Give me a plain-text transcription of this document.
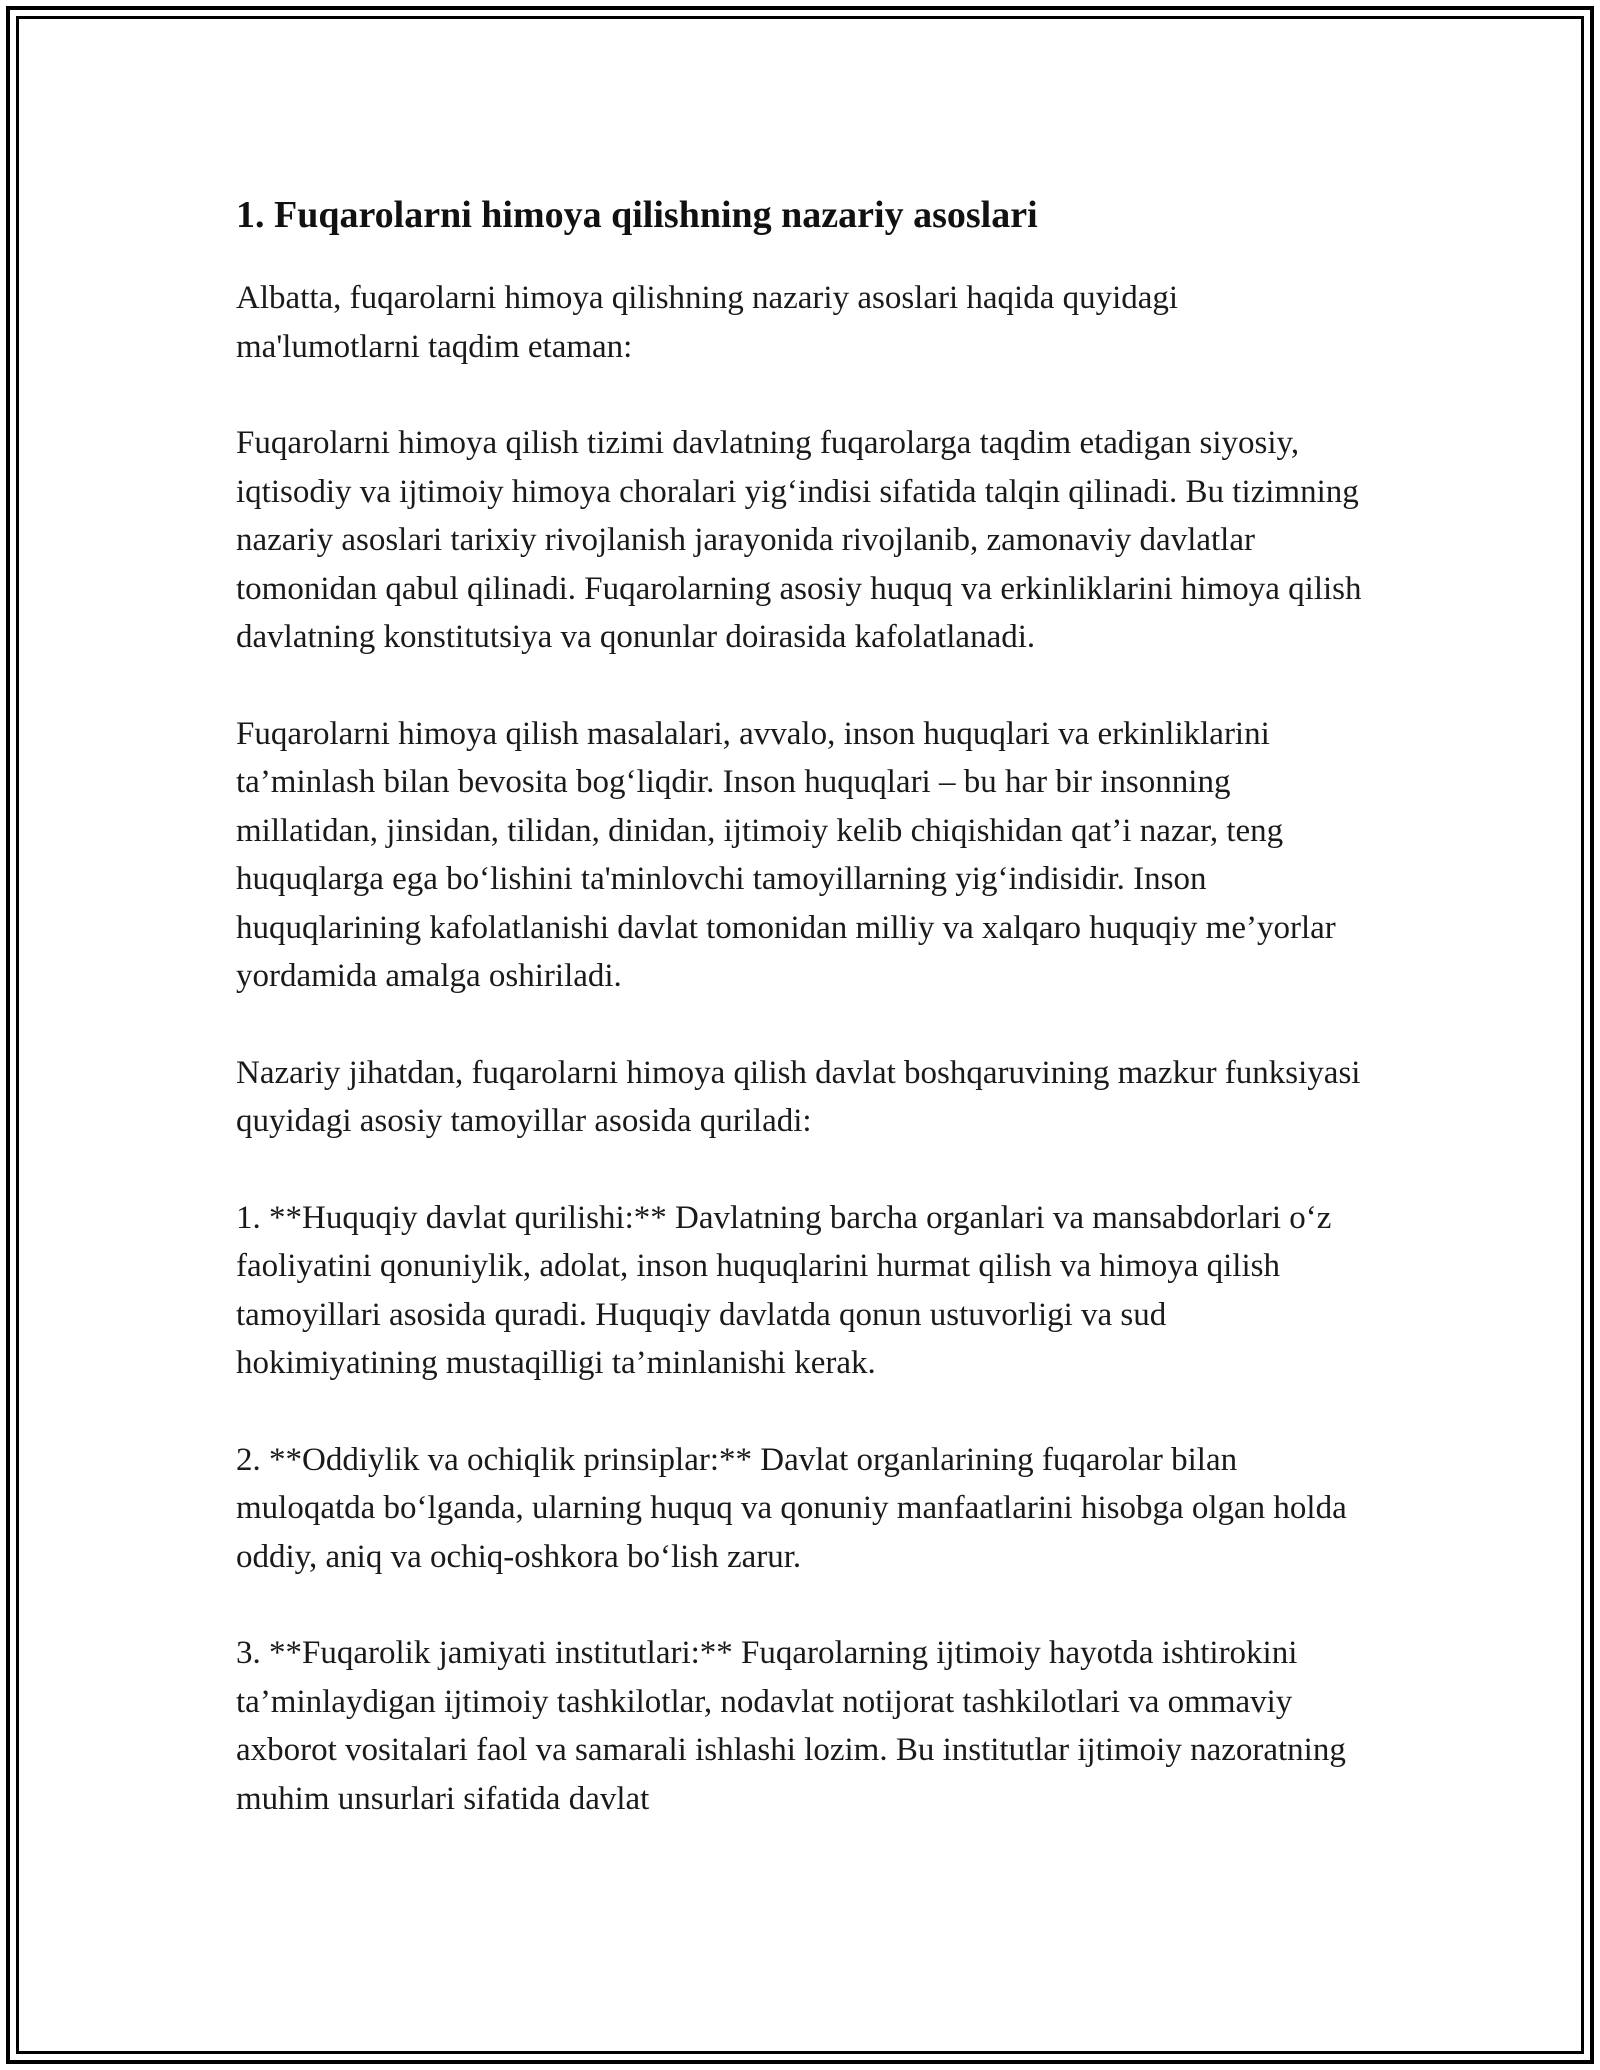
1. Fuqarolarni himoya qilishning nazariy asoslari

Albatta, fuqarolarni himoya qilishning nazariy asoslari haqida quyidagi ma'lumotlarni taqdim etaman:

Fuqarolarni himoya qilish tizimi davlatning fuqarolarga taqdim etadigan siyosiy, iqtisodiy va ijtimoiy himoya choralari yig‘indisi sifatida talqin qilinadi. Bu tizimning nazariy asoslari tarixiy rivojlanish jarayonida rivojlanib, zamonaviy davlatlar tomonidan qabul qilinadi. Fuqarolarning asosiy huquq va erkinliklarini himoya qilish davlatning konstitutsiya va qonunlar doirasida kafolatlanadi.

Fuqarolarni himoya qilish masalalari, avvalo, inson huquqlari va erkinliklarini ta’minlash bilan bevosita bog‘liqdir. Inson huquqlari – bu har bir insonning millatidan, jinsidan, tilidan, dinidan, ijtimoiy kelib chiqishidan qat’i nazar, teng huquqlarga ega bo‘lishini ta'minlovchi tamoyillarning yig‘indisidir. Inson huquqlarining kafolatlanishi davlat tomonidan milliy va xalqaro huquqiy me’yorlar yordamida amalga oshiriladi.

Nazariy jihatdan, fuqarolarni himoya qilish davlat boshqaruvining mazkur funksiyasi quyidagi asosiy tamoyillar asosida quriladi:

1. **Huquqiy davlat qurilishi:** Davlatning barcha organlari va mansabdorlari o‘z faoliyatini qonuniylik, adolat, inson huquqlarini hurmat qilish va himoya qilish tamoyillari asosida quradi. Huquqiy davlatda qonun ustuvorligi va sud hokimiyatining mustaqilligi ta’minlanishi kerak.

2. **Oddiylik va ochiqlik prinsiplar:** Davlat organlarining fuqarolar bilan muloqatda bo‘lganda, ularning huquq va qonuniy manfaatlarini hisobga olgan holda oddiy, aniq va ochiq-oshkora bo‘lish zarur.

3. **Fuqarolik jamiyati institutlari:** Fuqarolarning ijtimoiy hayotda ishtirokini ta’minlaydigan ijtimoiy tashkilotlar, nodavlat notijorat tashkilotlari va ommaviy axborot vositalari faol va samarali ishlashi lozim. Bu institutlar ijtimoiy nazoratning muhim unsurlari sifatida davlat
